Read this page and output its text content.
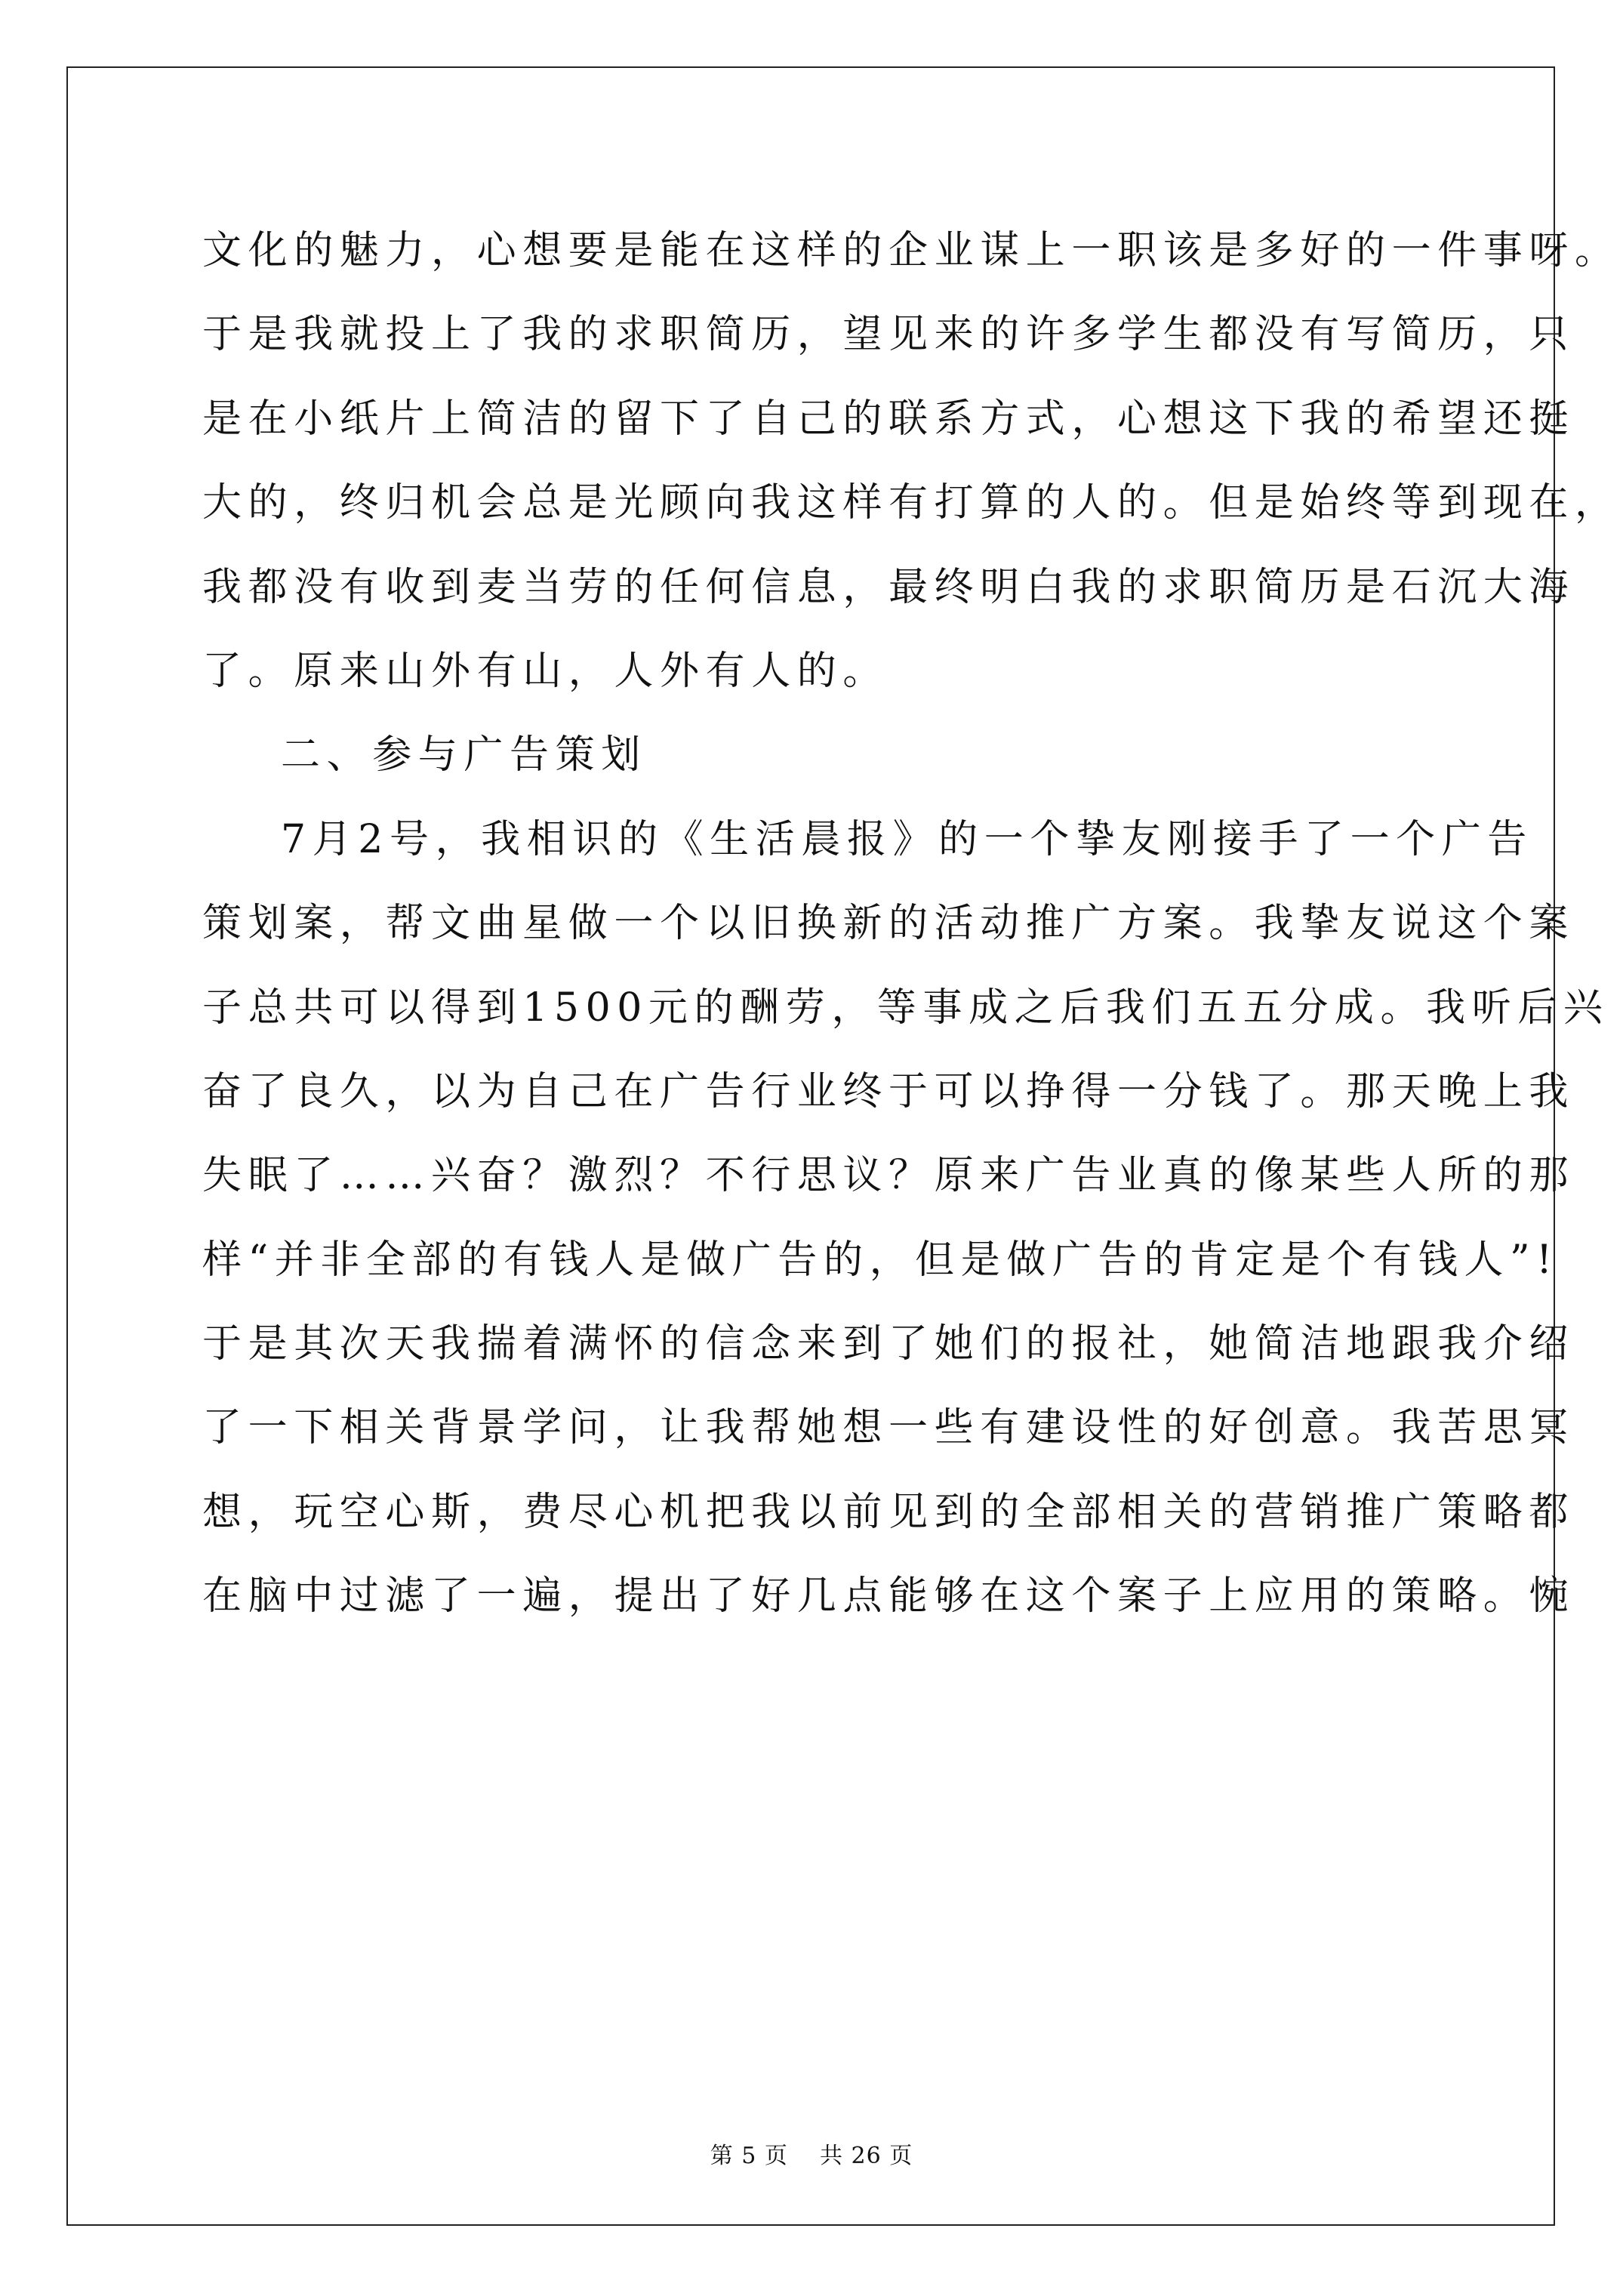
文化的魅力，心想要是能在这样的企业谋上一职该是多好的一件事呀。
于是我就投上了我的求职简历，望见来的许多学生都没有写简历，只
是在小纸片上简洁的留下了自己的联系方式，心想这下我的希望还挺
大的，终归机会总是光顾向我这样有打算的人的。但是始终等到现在，
我都没有收到麦当劳的任何信息，最终明白我的求职简历是石沉大海
了。原来山外有山，人外有人的。
二、参与广告策划
7月2号，我相识的《生活晨报》的一个挚友刚接手了一个广告
策划案，帮文曲星做一个以旧换新的活动推广方案。我挚友说这个案
子总共可以得到1500元的酬劳，等事成之后我们五五分成。我听后兴
奋了良久，以为自己在广告行业终于可以挣得一分钱了。那天晚上我
失眠了……兴奋？激烈？不行思议？原来广告业真的像某些人所的那
样“并非全部的有钱人是做广告的，但是做广告的肯定是个有钱人”!
于是其次天我揣着满怀的信念来到了她们的报社，她简洁地跟我介绍
了一下相关背景学问，让我帮她想一些有建设性的好创意。我苦思冥
想，玩空心斯，费尽心机把我以前见到的全部相关的营销推广策略都
在脑中过滤了一遍，提出了好几点能够在这个案子上应用的策略。惋
第 5 页    共 26 页
